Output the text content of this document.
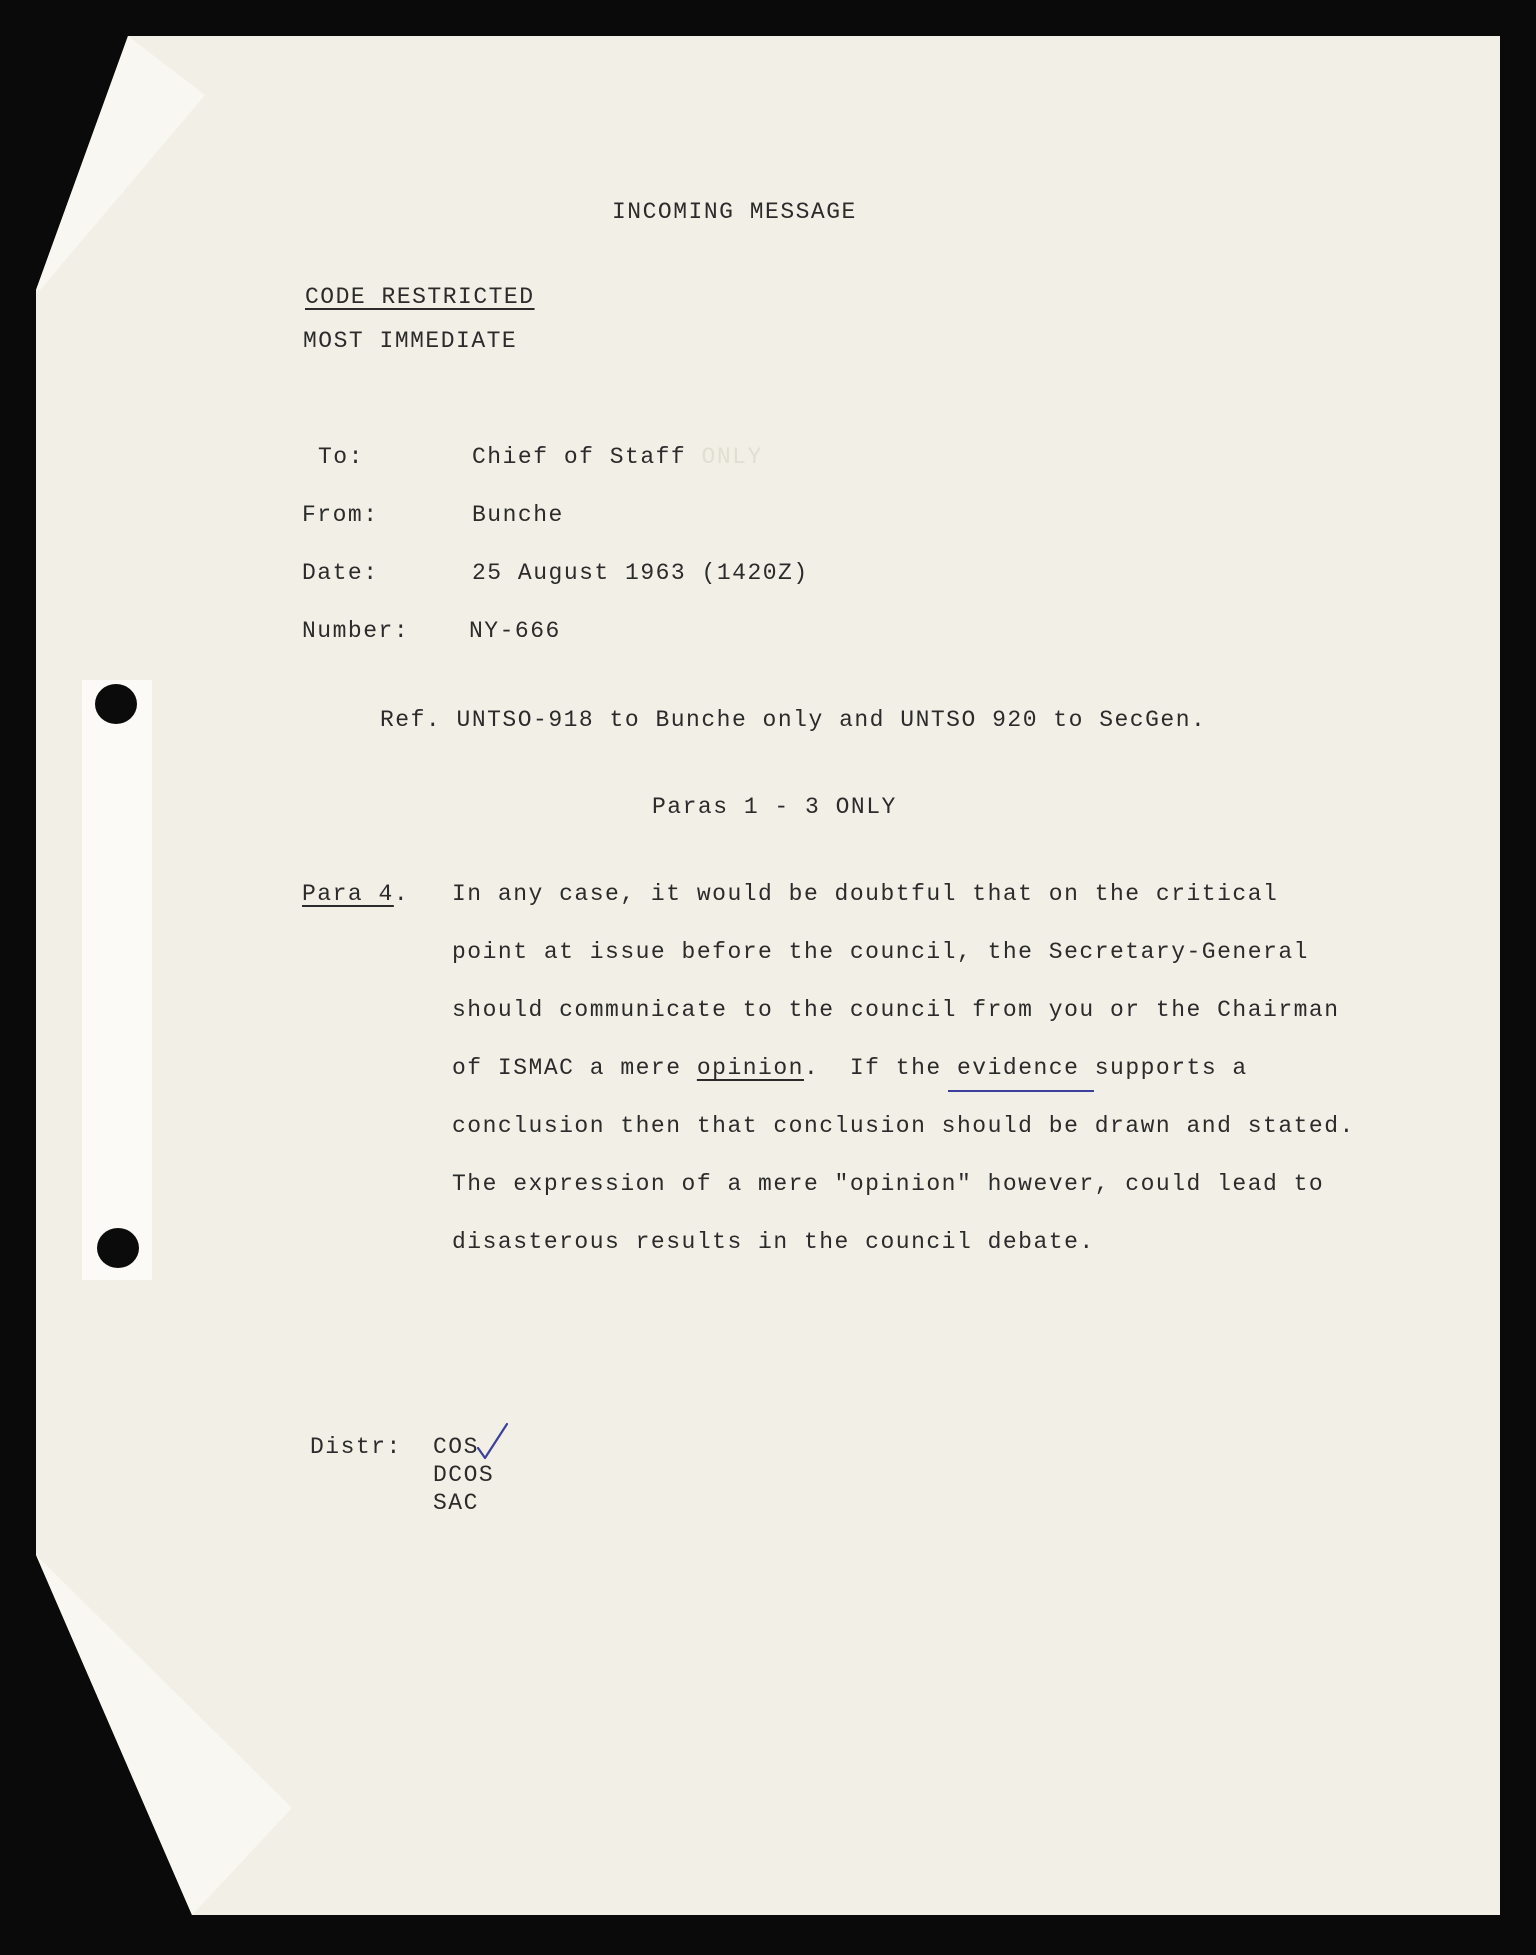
INCOMING MESSAGE
CODE RESTRICTED
MOST IMMEDIATE
To:	Chief of Staff ONLY
From:	Bunche
Date:	25 August 1963 (1420Z)
Number:	NY-666
Ref. UNTSO-918 to Bunche only and UNTSO 920 to SecGen.
Paras 1 - 3 ONLY
Para 4. In any case, it would be doubtful that on the critical
point at issue before the council, the Secretary-General
should communicate to the council from you or the Chairman
of ISMAC a mere opinion.  If the evidence supports a
conclusion then that conclusion should be drawn and stated.
The expression of a mere "opinion" however, could lead to
disasterous results in the council debate.
Distr: COS
DCOS
SAC
